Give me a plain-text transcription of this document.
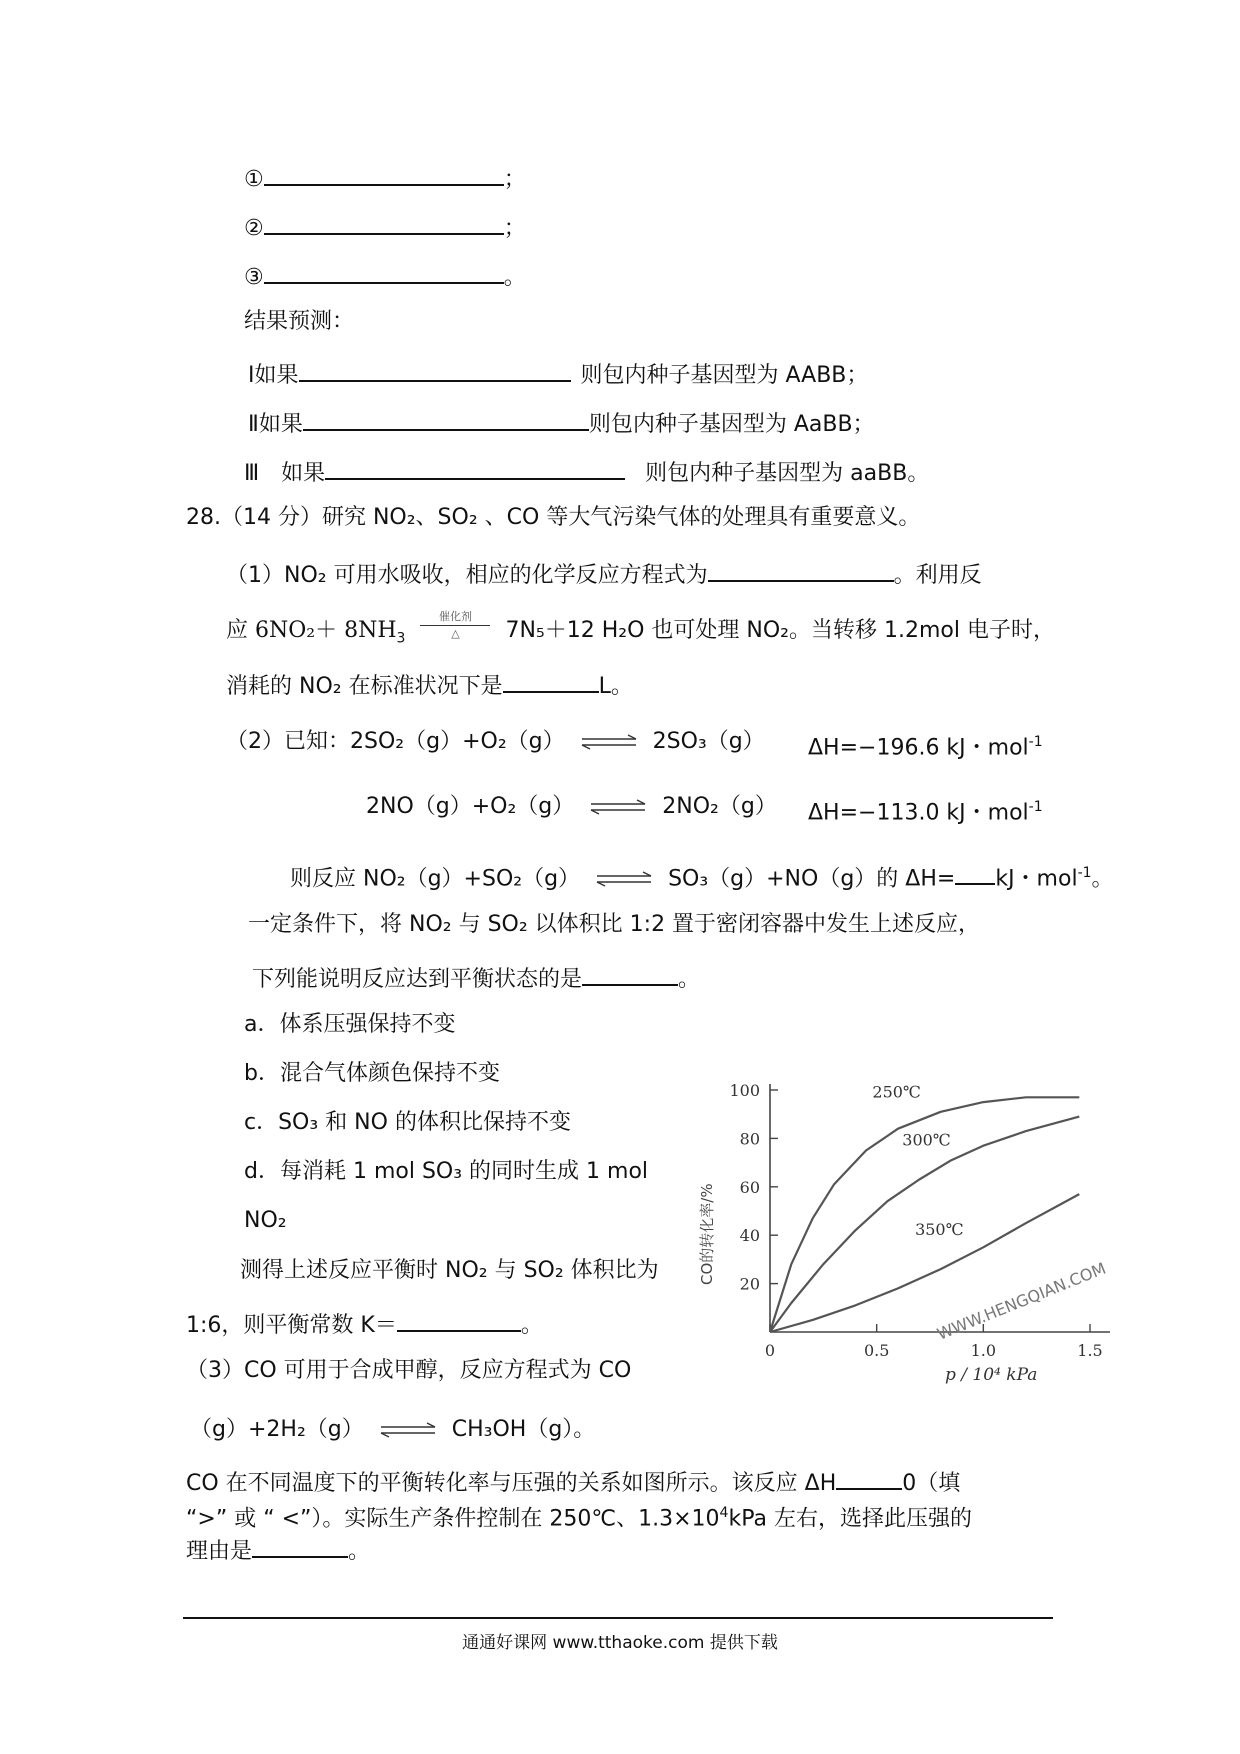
①	；
②	；
③	。
结果预测：
Ⅰ如果	则包内种子基因型为 AABB；
Ⅱ如果	则包内种子基因型为 AaBB；
Ⅲ　如果	则包内种子基因型为 aaBB。
28.（14 分）研究 NO₂、SO₂ 、CO 等大气污染气体的处理具有重要意义。
（1）NO₂ 可用水吸收，相应的化学反应方程式为	。利用反
应 $6NO_2+ 8NH_3$
催化剂
△	7N₅＋12 H₂O 也可处理 NO₂。当转移 1.2mol 电子时，
消耗的 NO₂ 在标准状况下是	L。
（2）已知：2SO₂（g）+O₂（g） ⇌ 2SO₃（g） ΔH=−196.6 kJ・mol$^{-1}$
2NO（g）+O₂（g） ⇌ 2NO₂（g） ΔH=−113.0 kJ・mol$^{-1}$
则反应 NO₂（g）+SO₂（g） ⇌ SO₃（g）+NO（g）的 ΔH= kJ・mol$^{-1}$。
一定条件下，将 NO₂ 与 SO₂ 以体积比 1:2 置于密闭容器中发生上述反应，
下列能说明反应达到平衡状态的是	。
a．体系压强保持不变
b．混合气体颜色保持不变
c．SO₃ 和 NO 的体积比保持不变
d．每消耗 1 mol SO₃ 的同时生成 1 mol
NO₂
测得上述反应平衡时 NO₂ 与 SO₂ 体积比为
1:6，则平衡常数 K＝	。
（3）CO 可用于合成甲醇，反应方程式为 CO
（g）+2H₂（g） ⇌ CH₃OH（g）。
CO 在不同温度下的平衡转化率与压强的关系如图所示。该反应 ΔH	0（填
“>” 或 “ <”）。实际生产条件控制在 250℃、$1.3\times 10^4kPa$ 左右，选择此压强的
理由是	。
20
40
60
80
100
0	0.5	1.0	1.5
250℃
300℃
350℃
WWW.HENGQIAN.COM
p / 10⁴ kPa
CO的转化率/%
通通好课网 www.tthaoke.com 提供下载
